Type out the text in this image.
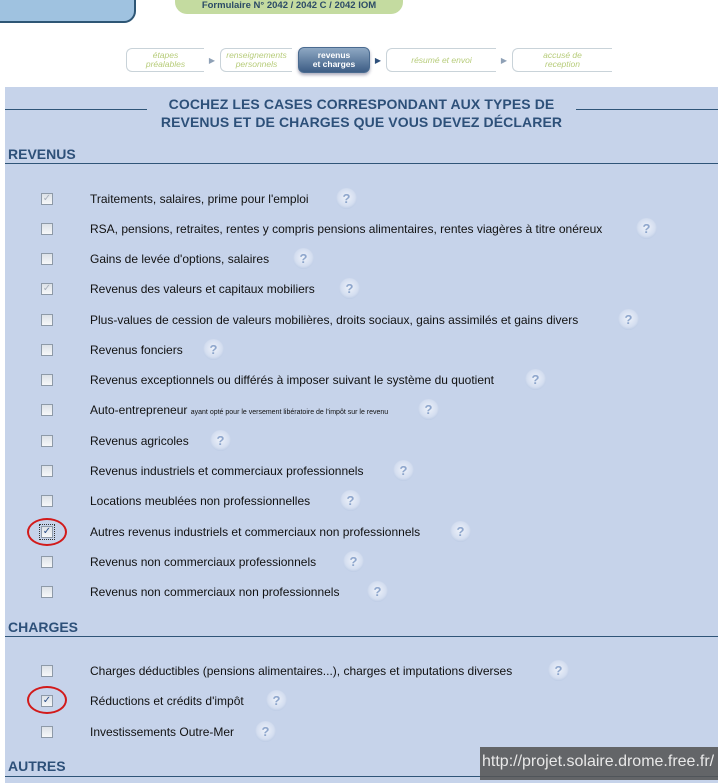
Formulaire N° 2042 / 2042 C / 2042 IOM
étapes
préalables	▶	renseignements
personnels
revenus
et charges	▶	résumé et envoi	▶	accusé de
reception
COCHEZ LES CASES CORRESPONDANT AUX TYPES DE
REVENUS ET DE CHARGES QUE VOUS DEVEZ DÉCLARER
REVENUS
✓	Traitements, salaires, prime pour l'emploi	?
RSA, pensions, retraites, rentes y compris pensions alimentaires, rentes viagères à titre onéreux	?
Gains de levée d'options, salaires	?
✓	Revenus des valeurs et capitaux mobiliers	?
Plus-values de cession de valeurs mobilières, droits sociaux, gains assimilés et gains divers	?
Revenus fonciers	?
Revenus exceptionnels ou différés à imposer suivant le système du quotient	?
Auto-entrepreneur ayant opté pour le versement libératoire de l'impôt sur le revenu	?
Revenus agricoles	?
Revenus industriels et commerciaux professionnels	?
Locations meublées non professionnelles	?
✓	Autres revenus industriels et commerciaux non professionnels	?
Revenus non commerciaux professionnels	?
Revenus non commerciaux non professionnels	?
CHARGES
Charges déductibles (pensions alimentaires...), charges et imputations diverses	?
✓	Réductions et crédits d'impôt	?
Investissements Outre-Mer	?
AUTRES	http://projet.solaire.drome.free.fr/
